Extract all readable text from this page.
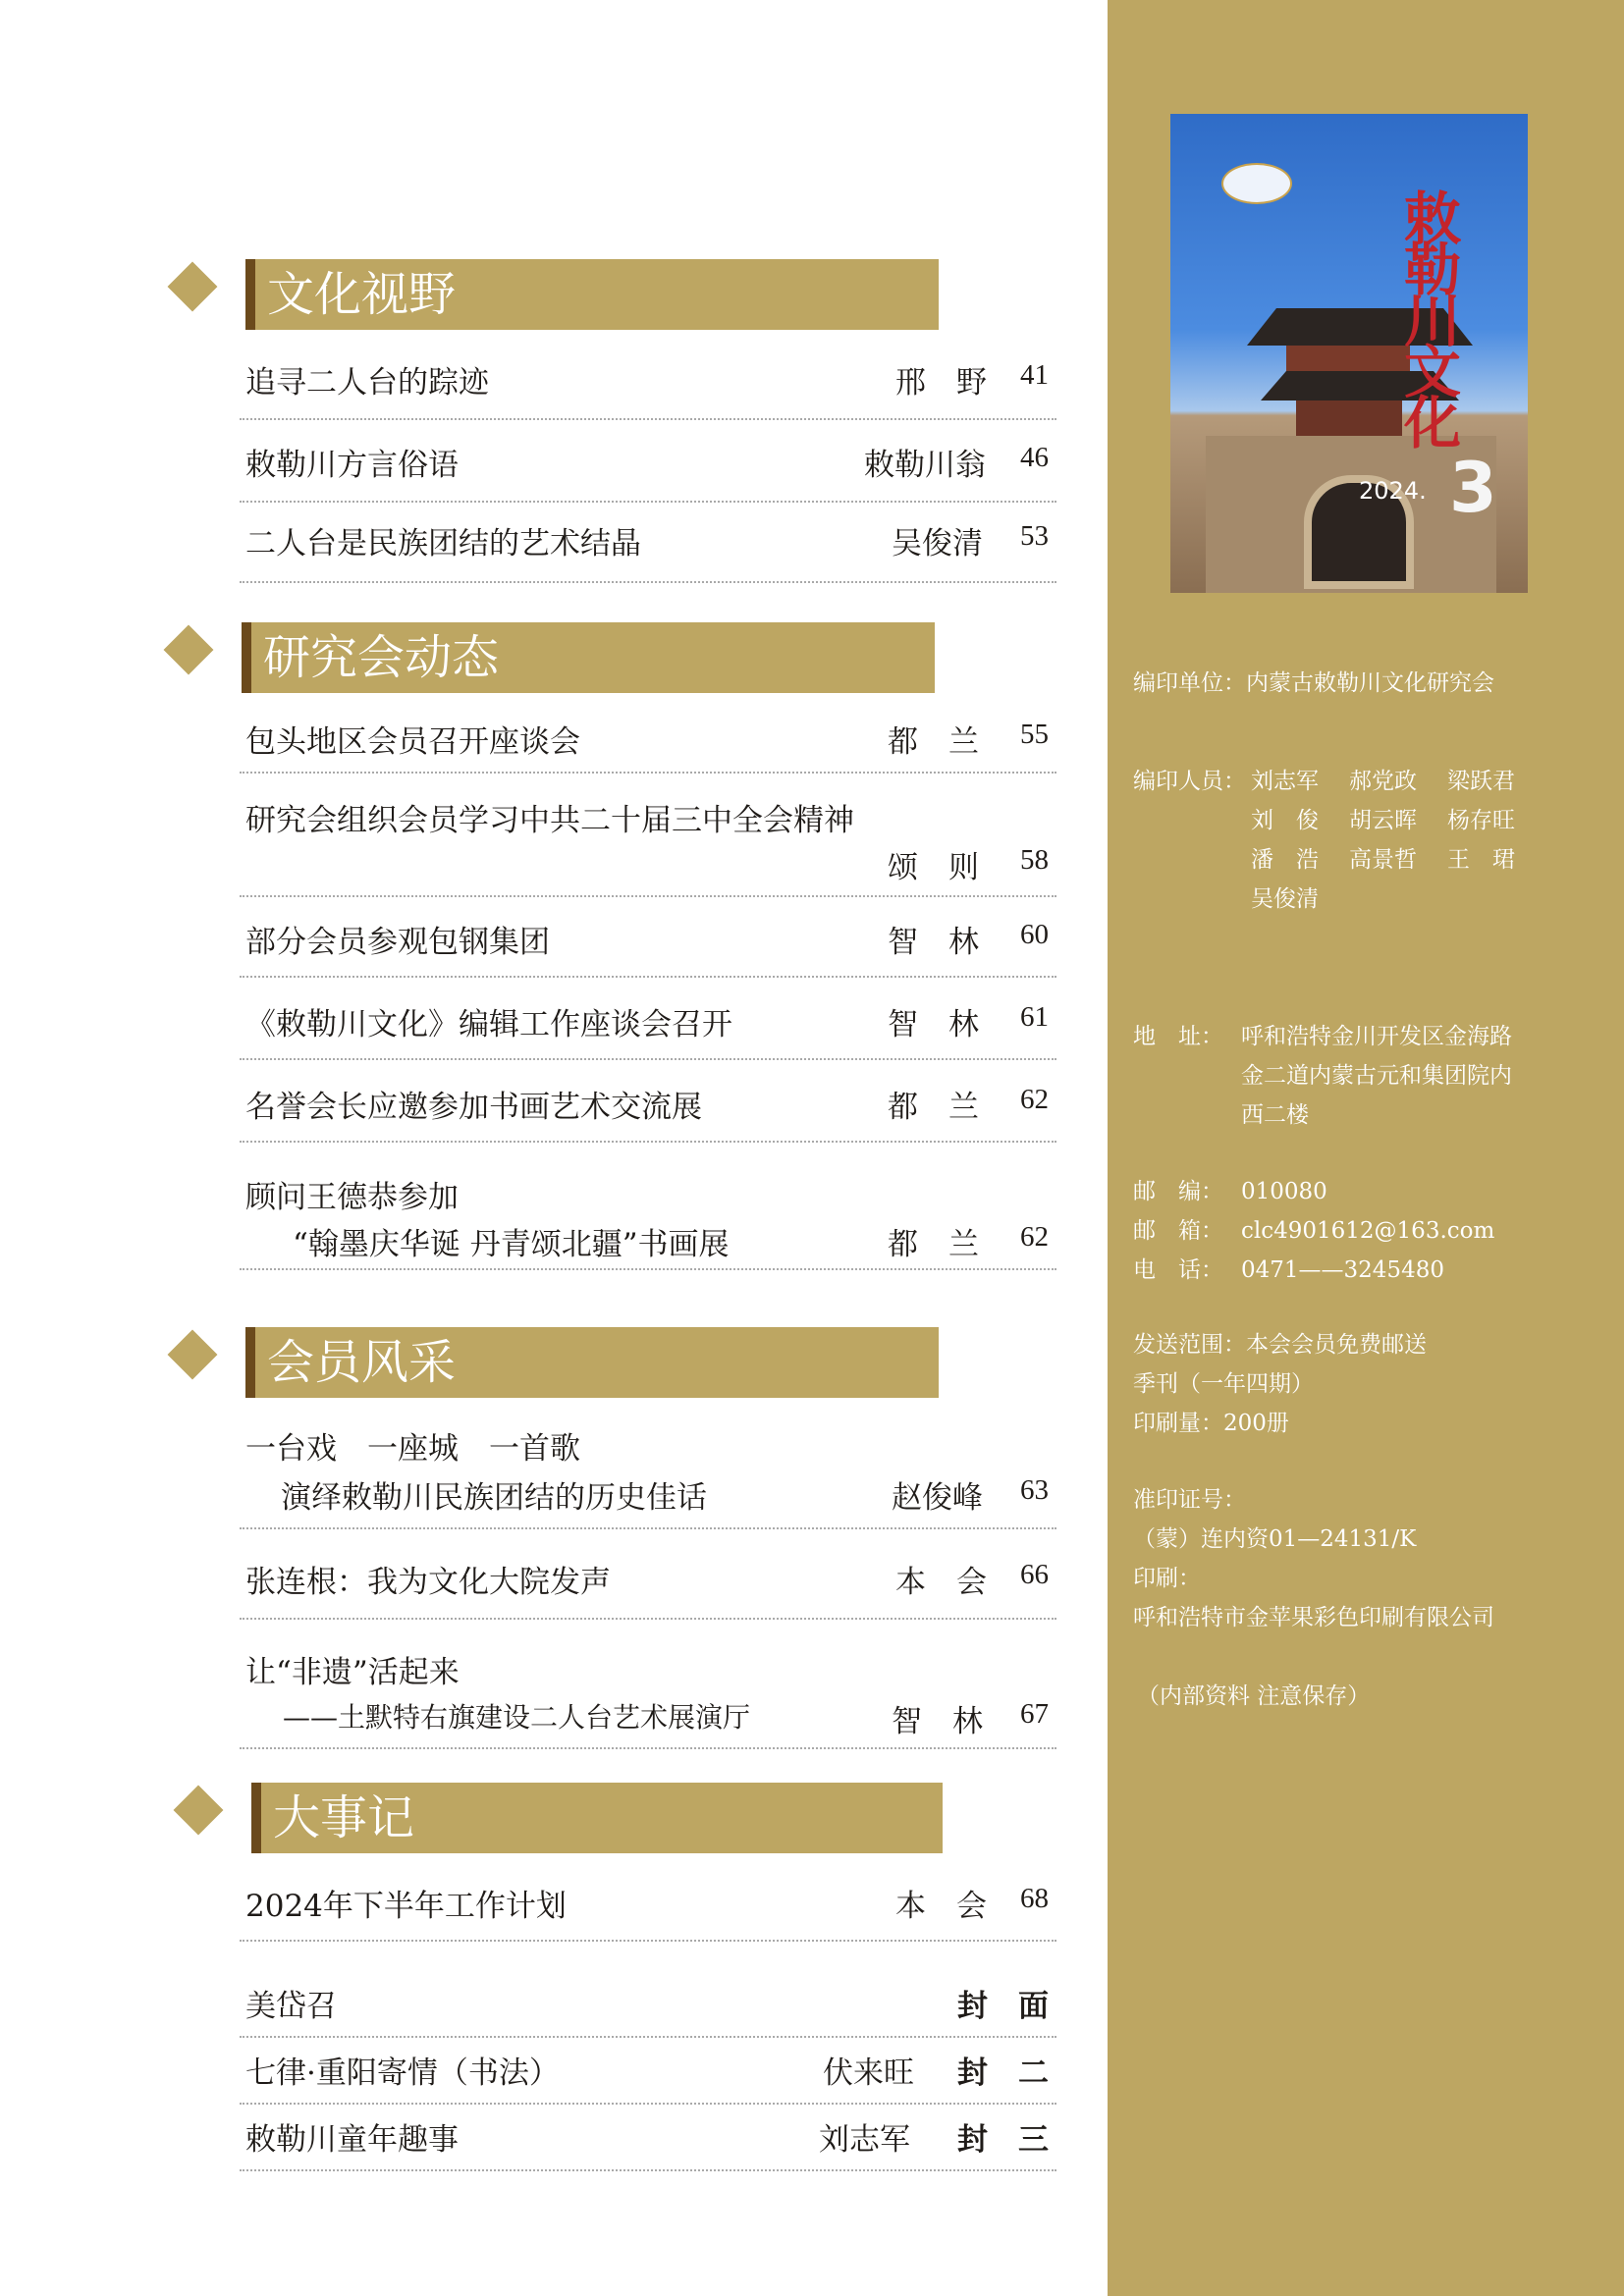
敕勒川文化
2024. 3
编印单位：内蒙古敕勒川文化研究会
编印人员： 刘志军 郝党政 梁跃君
刘　俊 胡云晖 杨存旺
潘　浩 高景哲 王　珺
吴俊清
地　址： 呼和浩特金川开发区金海路
金二道内蒙古元和集团院内
西二楼
邮　编： 010080
邮　箱： clc4901612@163.com
电　话： 0471——3245480
发送范围：本会会员免费邮送
季刊（一年四期）
印刷量：200册
准印证号：
（蒙）连内资01—24131/K
印刷：
呼和浩特市金苹果彩色印刷有限公司
（内部资料 注意保存）
文化视野
追寻二人台的踪迹	邢　野 41
敕勒川方言俗语	敕勒川翁 46
二人台是民族团结的艺术结晶	吴俊清 53
研究会动态
包头地区会员召开座谈会	都　兰 55
研究会组织会员学习中共二十届三中全会精神
颂　则 58
部分会员参观包钢集团	智　林 60
《敕勒川文化》编辑工作座谈会召开	智　林 61
名誉会长应邀参加书画艺术交流展	都　兰 62
顾问王德恭参加
“翰墨庆华诞 丹青颂北疆”书画展	都　兰 62
会员风采
一台戏　一座城　一首歌
演绎敕勒川民族团结的历史佳话	赵俊峰 63
张连根：我为文化大院发声	本　会 66
让“非遗”活起来
——土默特右旗建设二人台艺术展演厅	智　林 67
大事记
2024年下半年工作计划	本　会 68
美岱召	封　面
七律·重阳寄情（书法）	伏来旺 封　二
敕勒川童年趣事	刘志军 封　三
